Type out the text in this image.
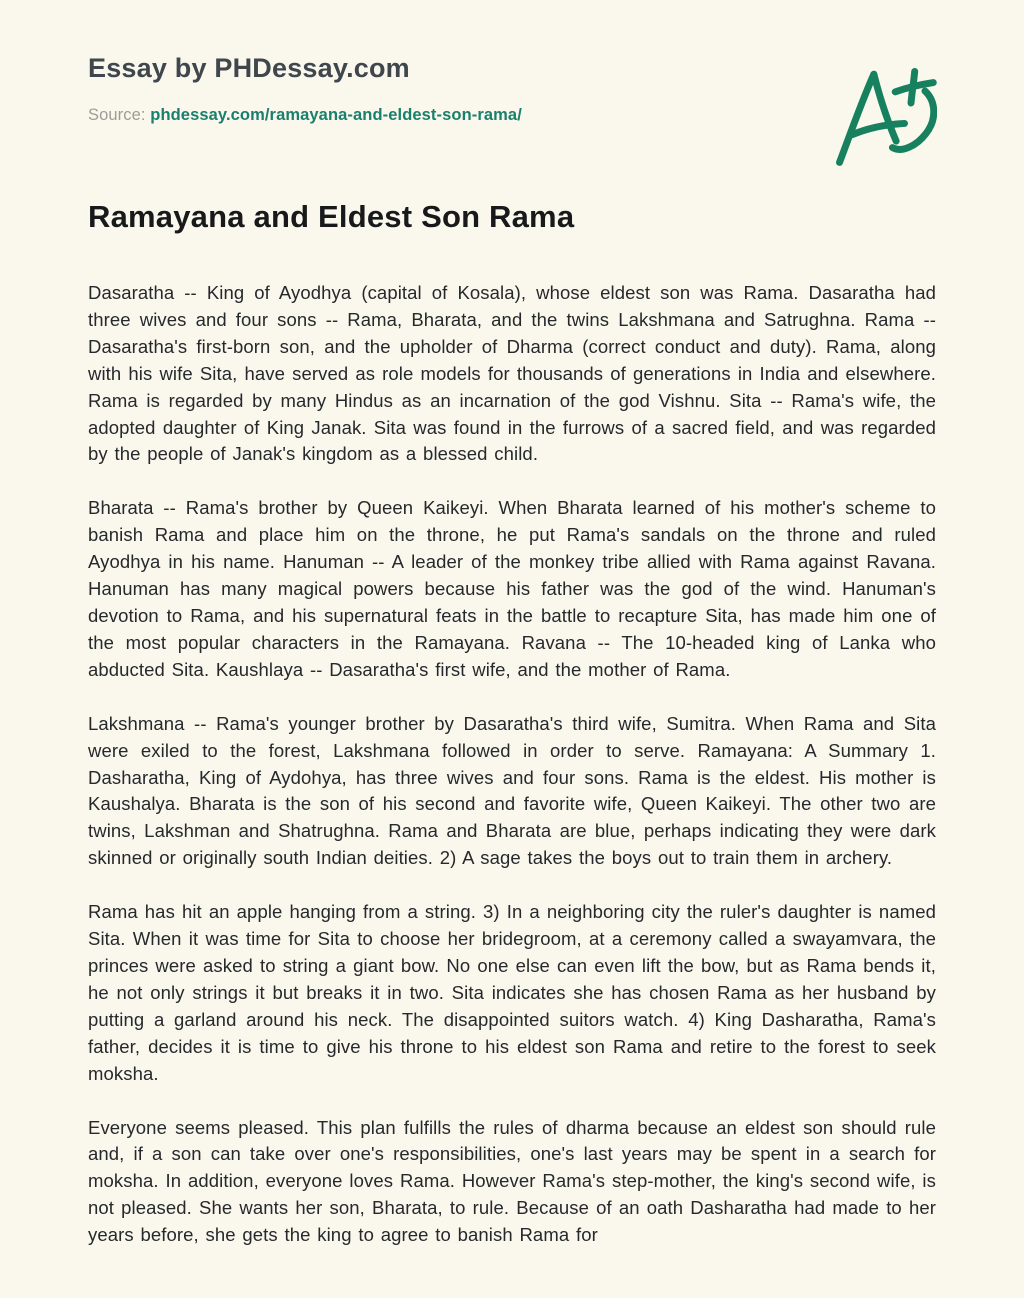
Essay by PHDessay.com
Source: phdessay.com/ramayana-and-eldest-son-rama/
Ramayana and Eldest Son Rama

Dasaratha -- King of Ayodhya (capital of Kosala), whose eldest son was Rama. Dasaratha had three wives and four sons -- Rama, Bharata, and the twins Lakshmana and Satrughna. Rama -- Dasaratha's first-born son, and the upholder of Dharma (correct conduct and duty). Rama, along with his wife Sita, have served as role models for thousands of generations in India and elsewhere. Rama is regarded by many Hindus as an incarnation of the god Vishnu. Sita -- Rama's wife, the adopted daughter of King Janak. Sita was found in the furrows of a sacred field, and was regarded by the people of Janak's kingdom as a blessed child.

Bharata -- Rama's brother by Queen Kaikeyi. When Bharata learned of his mother's scheme to banish Rama and place him on the throne, he put Rama's sandals on the throne and ruled Ayodhya in his name. Hanuman -- A leader of the monkey tribe allied with Rama against Ravana. Hanuman has many magical powers because his father was the god of the wind. Hanuman's devotion to Rama, and his supernatural feats in the battle to recapture Sita, has made him one of the most popular characters in the Ramayana. Ravana -- The 10-headed king of Lanka who abducted Sita. Kaushlaya -- Dasaratha's first wife, and the mother of Rama.

Lakshmana -- Rama's younger brother by Dasaratha's third wife, Sumitra. When Rama and Sita were exiled to the forest, Lakshmana followed in order to serve. Ramayana: A Summary 1. Dasharatha, King of Aydohya, has three wives and four sons. Rama is the eldest. His mother is Kaushalya. Bharata is the son of his second and favorite wife, Queen Kaikeyi. The other two are twins, Lakshman and Shatrughna. Rama and Bharata are blue, perhaps indicating they were dark skinned or originally south Indian deities. 2) A sage takes the boys out to train them in archery.

Rama has hit an apple hanging from a string. 3) In a neighboring city the ruler's daughter is named Sita. When it was time for Sita to choose her bridegroom, at a ceremony called a swayamvara, the princes were asked to string a giant bow. No one else can even lift the bow, but as Rama bends it, he not only strings it but breaks it in two. Sita indicates she has chosen Rama as her husband by putting a garland around his neck. The disappointed suitors watch. 4) King Dasharatha, Rama's father, decides it is time to give his throne to his eldest son Rama and retire to the forest to seek moksha.

Everyone seems pleased. This plan fulfills the rules of dharma because an eldest son should rule and, if a son can take over one's responsibilities, one's last years may be spent in a search for moksha. In addition, everyone loves Rama. However Rama's step-mother, the king's second wife, is not pleased. She wants her son, Bharata, to rule. Because of an oath Dasharatha had made to her years before, she gets the king to agree to banish Rama for
